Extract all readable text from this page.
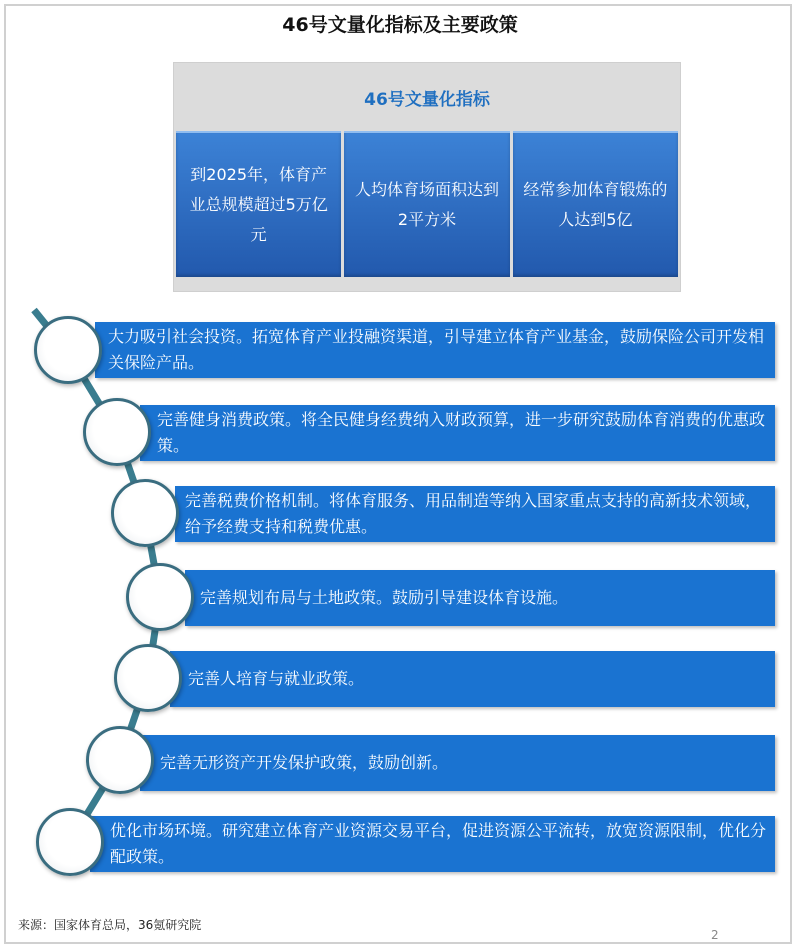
46号文量化指标及主要政策
46号文量化指标
到2025年，体育产业总规模超过5万亿元
人均体育场面积达到2平方米
经常参加体育锻炼的人达到5亿
大力吸引社会投资。拓宽体育产业投融资渠道，引导建立体育产业基金，鼓励保险公司开发相关保险产品。
完善健身消费政策。将全民健身经费纳入财政预算，进一步研究鼓励体育消费的优惠政策。
完善税费价格机制。将体育服务、用品制造等纳入国家重点支持的高新技术领域，给予经费支持和税费优惠。
完善规划布局与土地政策。鼓励引导建设体育设施。
完善人培育与就业政策。
完善无形资产开发保护政策，鼓励创新。
优化市场环境。研究建立体育产业资源交易平台，促进资源公平流转，放宽资源限制，优化分配政策。
来源：国家体育总局，36氪研究院
2
